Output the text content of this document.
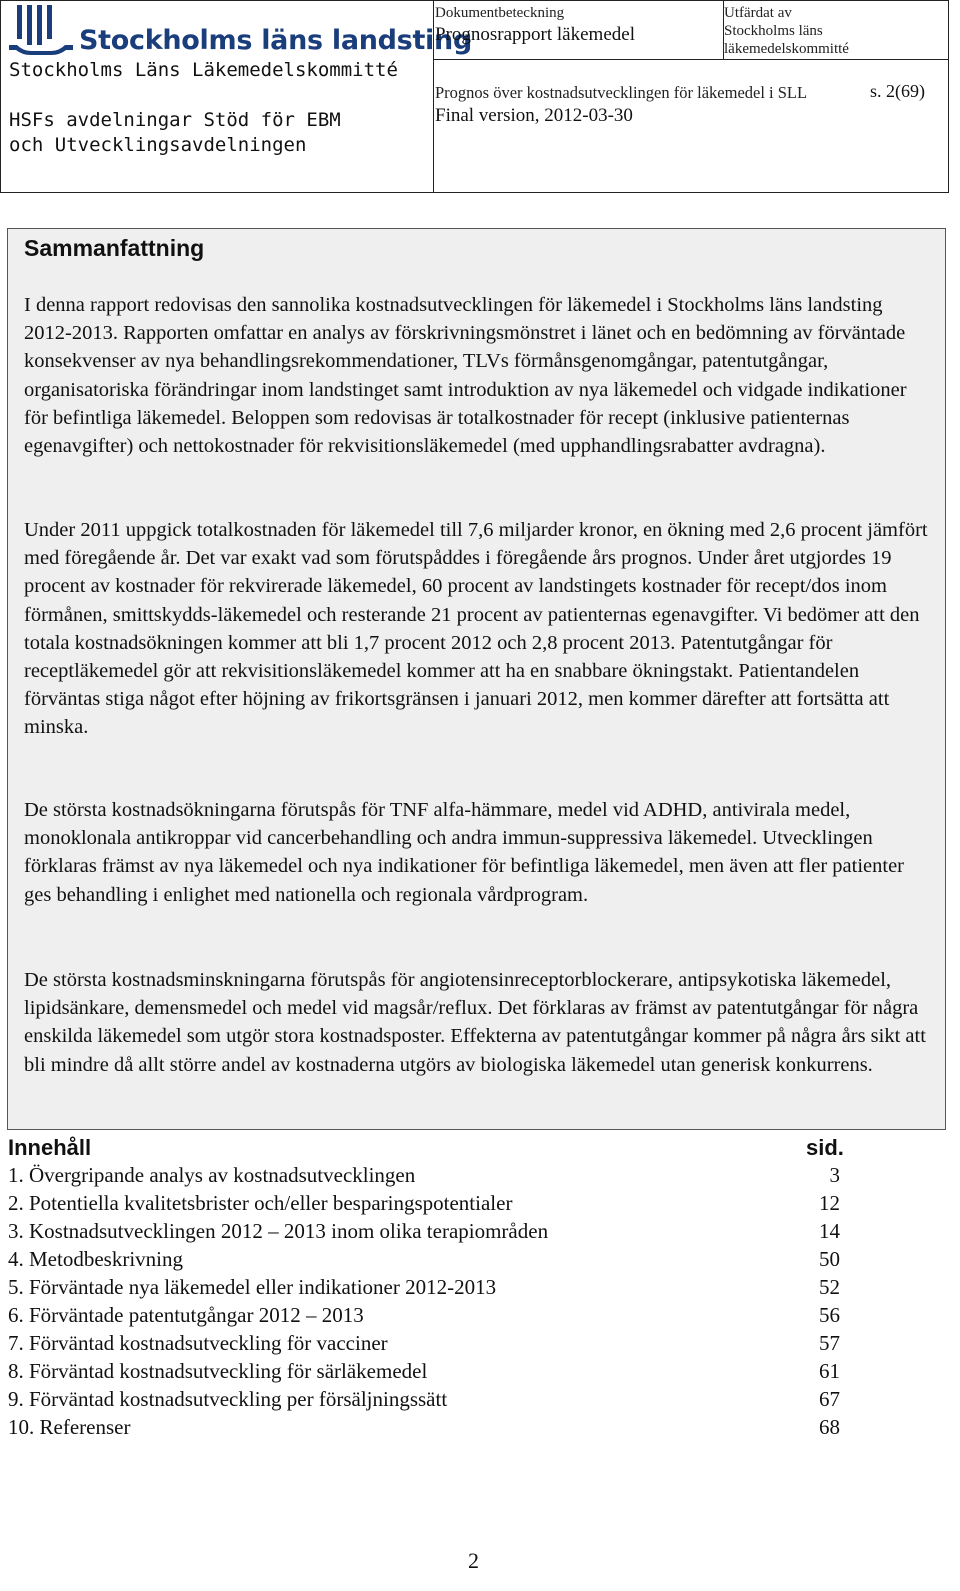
Stockholms läns landsting
Stockholms Läns Läkemedelskommitté
HSFs avdelningar Stöd för EBM
och Utvecklingsavdelningen
Dokumentbeteckning
Prognosrapport läkemedel
Utfärdat av
Stockholms läns
läkemedelskommitté
Prognos över kostnadsutvecklingen för läkemedel i SLL	s. 2(69)
Final version, 2012-03-30
Sammanfattning

I denna rapport redovisas den sannolika kostnadsutvecklingen för läkemedel i Stockholms läns landsting 2012-2013. Rapporten omfattar en analys av förskrivningsmönstret i länet och en bedömning av förväntade konsekvenser av nya behandlingsrekommendationer, TLVs förmånsgenomgångar, patentutgångar, organisatoriska förändringar inom landstinget samt introduktion av nya läkemedel och vidgade indikationer för befintliga läkemedel. Beloppen som redovisas är totalkostnader för recept (inklusive patienternas egenavgifter) och nettokostnader för rekvisitionsläkemedel (med upphandlingsrabatter avdragna).

Under 2011 uppgick totalkostnaden för läkemedel till 7,6 miljarder kronor, en ökning med 2,6 procent jämfört med föregående år. Det var exakt vad som förutspåddes i föregående års prognos. Under året utgjordes 19 procent av kostnader för rekvirerade läkemedel, 60 procent av landstingets kostnader för recept/dos inom förmånen, smittskydds-läkemedel och resterande 21 procent av patienternas egenavgifter. Vi bedömer att den totala kostnadsökningen kommer att bli 1,7 procent 2012 och 2,8 procent 2013. Patentutgångar för receptläkemedel gör att rekvisitionsläkemedel kommer att ha en snabbare ökningstakt. Patientandelen förväntas stiga något efter höjning av frikortsgränsen i januari 2012, men kommer därefter att fortsätta att minska.

De största kostnadsökningarna förutspås för TNF alfa-hämmare, medel vid ADHD, antivirala medel, monoklonala antikroppar vid cancerbehandling och andra immun-suppressiva läkemedel. Utvecklingen förklaras främst av nya läkemedel och nya indikationer för befintliga läkemedel, men även att fler patienter ges behandling i enlighet med nationella och regionala vårdprogram.

De största kostnadsminskningarna förutspås för angiotensinreceptorblockerare, antipsykotiska läkemedel, lipidsänkare, demensmedel och medel vid magsår/reflux. Det förklaras av främst av patentutgångar för några enskilda läkemedel som utgör stora kostnadsposter. Effekterna av patentutgångar kommer på några års sikt att bli mindre då allt större andel av kostnaderna utgörs av biologiska läkemedel utan generisk konkurrens.

Innehåll	sid.
1. Övergripande analys av kostnadsutvecklingen	3
2. Potentiella kvalitetsbrister och/eller besparingspotentialer	12
3. Kostnadsutvecklingen 2012 – 2013 inom olika terapiområden	14
4. Metodbeskrivning	50
5. Förväntade nya läkemedel eller indikationer 2012-2013	52
6. Förväntade patentutgångar 2012 – 2013	56
7. Förväntad kostnadsutveckling för vacciner	57
8. Förväntad kostnadsutveckling för särläkemedel	61
9. Förväntad kostnadsutveckling per försäljningssätt	67
10. Referenser	68
2
